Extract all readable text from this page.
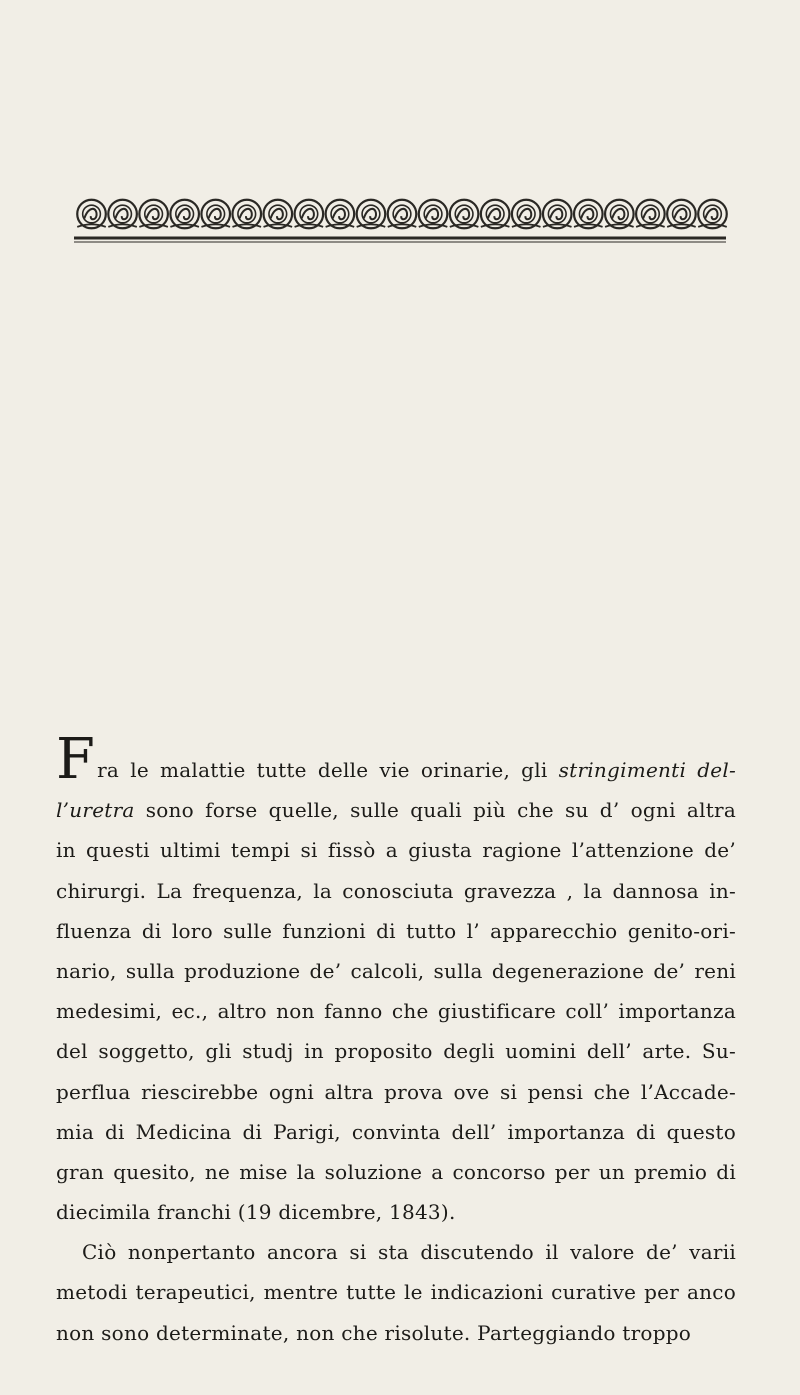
F ra le malattie tutte delle vie orinarie, gli stringimenti del-
l’uretra sono forse quelle, sulle quali più che su d’ ogni altra
in questi ultimi tempi si fissò a giusta ragione l’attenzione de’
chirurgi. La frequenza, la conosciuta gravezza , la dannosa in-
fluenza di loro sulle funzioni di tutto l’ apparecchio genito-ori-
nario, sulla produzione de’ calcoli, sulla degenerazione de’ reni
medesimi, ec., altro non fanno che giustificare coll’ importanza
del soggetto, gli studj in proposito degli uomini dell’ arte. Su-
perflua riescirebbe ogni altra prova ove si pensi che l’Accade-
mia di Medicina di Parigi, convinta dell’ importanza di questo
gran quesito, ne mise la soluzione a concorso per un premio di
diecimila franchi (19 dicembre, 1843).
Ciò nonpertanto ancora si sta discutendo il valore de’ varii
metodi terapeutici, mentre tutte le indicazioni curative per anco
non sono determinate, non che risolute. Parteggiando troppo
